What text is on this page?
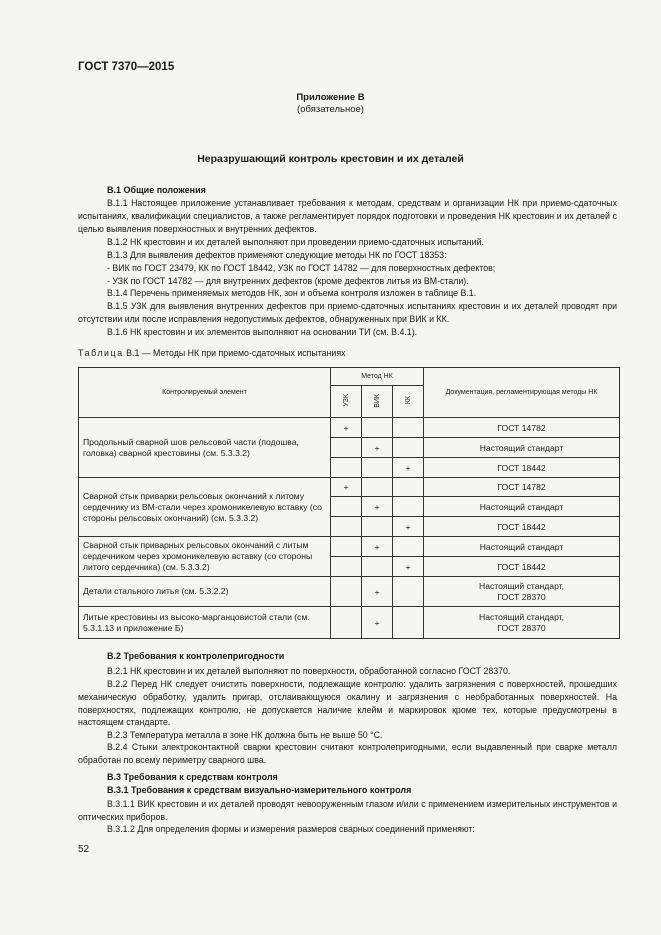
ГОСТ 7370—2015
Приложение В
(обязательное)
Неразрушающий контроль крестовин и их деталей
В.1 Общие положения
В.1.1 Настоящее приложение устанавливает требования к методам, средствам и организации НК при приемо-сдаточных испытаниях, квалификации специалистов, а также регламентирует порядок подготовки и проведения НК крестовин и их деталей с целью выявления поверхностных и внутренних дефектов.
В.1.2 НК крестовин и их деталей выполняют при проведении приемо-сдаточных испытаний.
В.1.3 Для выявления дефектов применяют следующие методы НК по ГОСТ 18353:
- ВИК по ГОСТ 23479, КК по ГОСТ 18442, УЗК по ГОСТ 14782 — для поверхностных дефектов;
- УЗК по ГОСТ 14782 — для внутренних дефектов (кроме дефектов литья из ВМ-стали).
В.1.4 Перечень применяемых методов НК, зон и объема контроля изложен в таблице В.1.
В.1.5 УЗК для выявления внутренних дефектов при приемо-сдаточных испытаниях крестовин и их деталей проводят при отсутствии или после исправления недопустимых дефектов, обнаруженных при ВИК и КК.
В.1.6 НК крестовин и их элементов выполняют на основании ТИ (см. В.4.1).
Таблица В.1 — Методы НК при приемо-сдаточных испытаниях
Контролируемый элемент	Метод НК			Документация, регламентирующая методы НК
	УЗК	ВИК	КК	
Продольный сварной шов рельсовой части (подошва, головка) сварной крестовины (см. 5.3.3.2)	+			ГОСТ 14782
		+		Настоящий стандарт
			+	ГОСТ 18442
Сварной стык приварки рельсовых окончаний к литому сердечнику из ВМ-стали через хромоникелевую вставку (со стороны рельсовых окончаний) (см. 5.3.3.2)	+			ГОСТ 14782
		+		Настоящий стандарт
			+	ГОСТ 18442
Сварной стык приварных рельсовых окончаний с литым сердечником через хромоникелевую вставку (со стороны литого сердечника) (см. 5.3.3.2)		+		Настоящий стандарт
			+	ГОСТ 18442
Детали стального литья (см. 5.3.2.2)		+		Настоящий стандарт,
ГОСТ 28370

Литые крестовины из высоко-марганцовистой стали (см. 5.3.1.13 и приложение Б)		+		Настоящий стандарт,
ГОСТ 28370
В.2 Требования к контролепригодности
В.2.1 НК крестовин и их деталей выполняют по поверхности, обработанной согласно ГОСТ 28370.
В.2.2 Перед НК следует очистить поверхности, подлежащие контролю: удалить загрязнения с поверхностей, прошедших механическую обработку, удалить пригар, отслаивающуюся окалину и загрязнения с необработанных поверхностей. На поверхностях, подлежащих контролю, не допускается наличие клейм и маркировок кроме тех, которые предусмотрены в настоящем стандарте.
В.2.3 Температура металла в зоне НК должна быть не выше 50 °С.
В.2.4 Стыки электроконтактной сварки крестовин считают контролепригодными, если выдавленный при сварке металл обработан по всему периметру сварного шва.
В.3 Требования к средствам контроля
В.3.1 Требования к средствам визуально-измерительного контроля
В.3.1.1 ВИК крестовин и их деталей проводят невооруженным глазом и/или с применением измерительных инструментов и оптических приборов.
В.3.1.2 Для определения формы и измерения размеров сварных соединений применяют:
52
